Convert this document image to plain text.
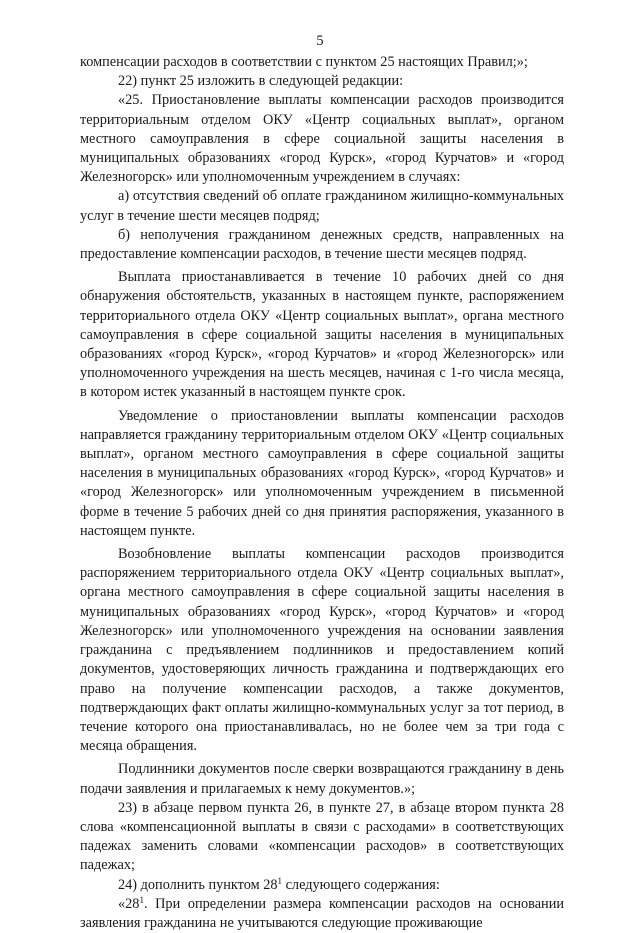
5

компенсации расходов в соответствии с пунктом 25 настоящих Правил;»;

22) пункт 25 изложить в следующей редакции:

«25. Приостановление выплаты компенсации расходов производится территориальным отделом ОКУ «Центр социальных выплат», органом местного самоуправления в сфере социальной защиты населения в муниципальных образованиях «город Курск», «город Курчатов» и «город Железногорск» или уполномоченным учреждением в случаях:

а) отсутствия сведений об оплате гражданином жилищно-коммунальных услуг в течение шести месяцев подряд;

б) неполучения гражданином денежных средств, направленных на предоставление компенсации расходов, в течение шести месяцев подряд.

Выплата приостанавливается в течение 10 рабочих дней со дня обнаружения обстоятельств, указанных в настоящем пункте, распоряжением территориального отдела ОКУ «Центр социальных выплат», органа местного самоуправления в сфере социальной защиты населения в муниципальных образованиях «город Курск», «город Курчатов» и «город Железногорск» или уполномоченного учреждения на шесть месяцев, начиная с 1-го числа месяца, в котором истек указанный в настоящем пункте срок.

Уведомление о приостановлении выплаты компенсации расходов направляется гражданину территориальным отделом ОКУ «Центр социальных выплат», органом местного самоуправления в сфере социальной защиты населения в муниципальных образованиях «город Курск», «город Курчатов» и «город Железногорск» или уполномоченным учреждением в письменной форме в течение 5 рабочих дней со дня принятия распоряжения, указанного в настоящем пункте.

Возобновление выплаты компенсации расходов производится распоряжением территориального отдела ОКУ «Центр социальных выплат», органа местного самоуправления в сфере социальной защиты населения в муниципальных образованиях «город Курск», «город Курчатов» и «город Железногорск» или уполномоченного учреждения на основании заявления гражданина с предъявлением подлинников и предоставлением копий документов, удостоверяющих личность гражданина и подтверждающих его право на получение компенсации расходов, а также документов, подтверждающих факт оплаты жилищно-коммунальных услуг за тот период, в течение которого она приостанавливалась, но не более чем за три года с месяца обращения.

Подлинники документов после сверки возвращаются гражданину в день подачи заявления и прилагаемых к нему документов.»;

23) в абзаце первом пункта 26, в пункте 27, в абзаце втором пункта 28 слова «компенсационной выплаты в связи с расходами» в соответствующих падежах заменить словами «компенсации расходов» в соответствующих падежах;

24) дополнить пунктом $28^1$ следующего содержания:

«$28^1$. При определении размера компенсации расходов на основании заявления гражданина не учитываются следующие проживающие
